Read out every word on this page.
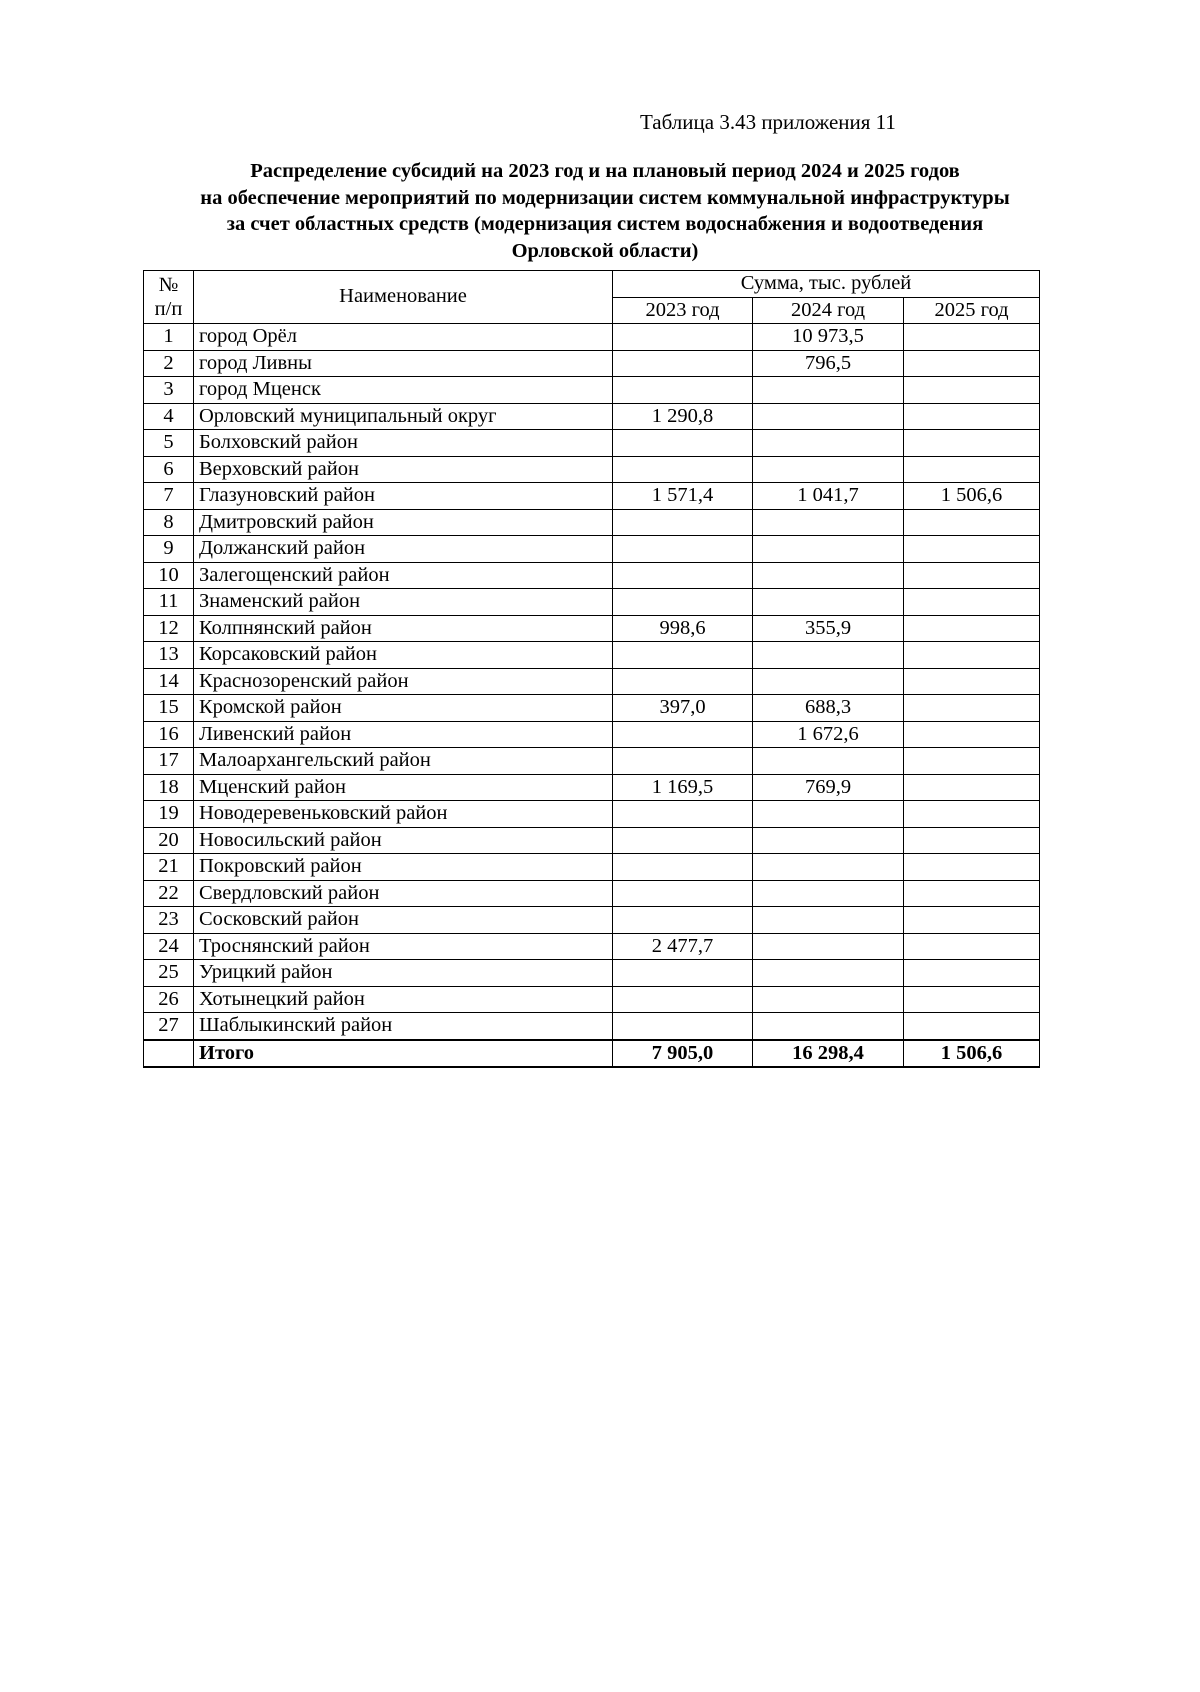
Таблица 3.43 приложения 11
Распределение субсидий на 2023 год и на плановый период 2024 и 2025 годов
на обеспечение мероприятий по модернизации систем коммунальной инфраструктуры
за счет областных средств (модернизация систем водоснабжения и водоотведения
Орловской области)
№
п/п	Наименование	Сумма, тыс. рублей		
		2023 год	2024 год	2025 год
1	город Орёл		10 973,5	
2	город Ливны		796,5	
3	город Мценск			
4	Орловский муниципальный округ	1 290,8		
5	Болховский район			
6	Верховский район			
7	Глазуновский район	1 571,4	1 041,7	1 506,6
8	Дмитровский район			
9	Должанский район			
10	Залегощенский район			
11	Знаменский район			
12	Колпнянский район	998,6	355,9	
13	Корсаковский район			
14	Краснозоренский район			
15	Кромской район	397,0	688,3	
16	Ливенский район		1 672,6	
17	Малоархангельский район			
18	Мценский район	1 169,5	769,9	
19	Новодеревеньковский район			
20	Новосильский район			
21	Покровский район			
22	Свердловский район			
23	Сосковский район			
24	Троснянский район	2 477,7		
25	Урицкий район			
26	Хотынецкий район			
27	Шаблыкинский район			
	Итого	7 905,0	16 298,4	1 506,6
